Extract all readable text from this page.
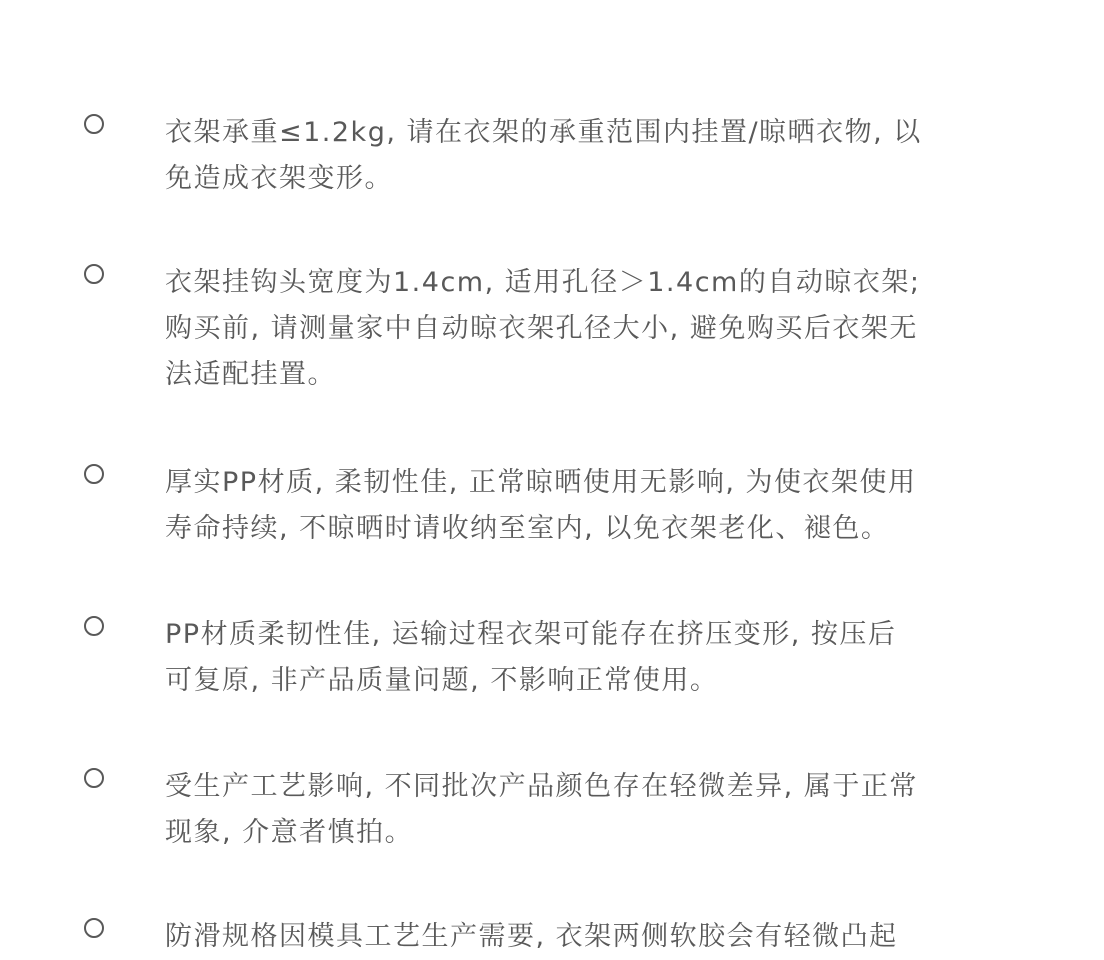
衣架承重≤1.2kg, 请在衣架的承重范围内挂置/晾晒衣物, 以
免造成衣架变形。

衣架挂钩头宽度为1.4cm, 适用孔径＞1.4cm的自动晾衣架;
购买前, 请测量家中自动晾衣架孔径大小, 避免购买后衣架无
法适配挂置。

厚实PP材质, 柔韧性佳, 正常晾晒使用无影响, 为使衣架使用
寿命持续, 不晾晒时请收纳至室内, 以免衣架老化、褪色。

PP材质柔韧性佳, 运输过程衣架可能存在挤压变形, 按压后
可复原, 非产品质量问题, 不影响正常使用。

受生产工艺影响, 不同批次产品颜色存在轻微差异, 属于正常
现象, 介意者慎拍。

防滑规格因模具工艺生产需要, 衣架两侧软胶会有轻微凸起
